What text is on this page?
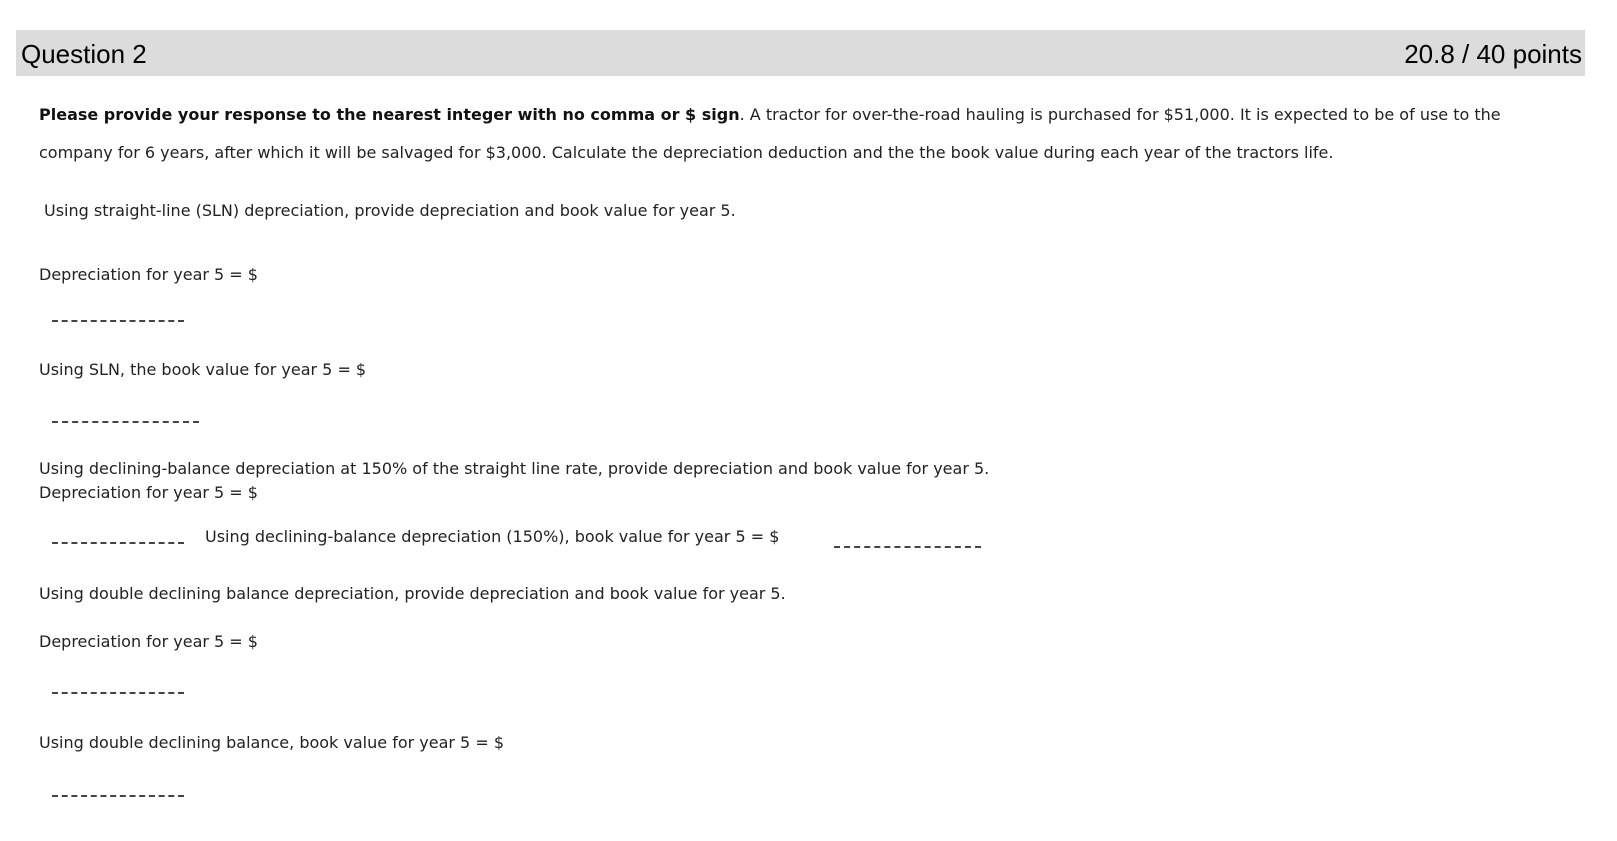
Question 2	20.8 / 40 points
Please provide your response to the nearest integer with no comma or $ sign. A tractor for over-the-road hauling is purchased for $51,000. It is expected to be of use to the company for 6 years, after which it will be salvaged for $3,000. Calculate the depreciation deduction and the the book value during each year of the tractors life.
Using straight-line (SLN) depreciation, provide depreciation and book value for year 5.
Depreciation for year 5 = $
Using SLN, the book value for year 5 = $
Using declining-balance depreciation at 150% of the straight line rate, provide depreciation and book value for year 5.
Depreciation for year 5 = $
Using declining-balance depreciation (150%), book value for year 5 = $
Using double declining balance depreciation, provide depreciation and book value for year 5.
Depreciation for year 5 = $
Using double declining balance, book value for year 5 = $
